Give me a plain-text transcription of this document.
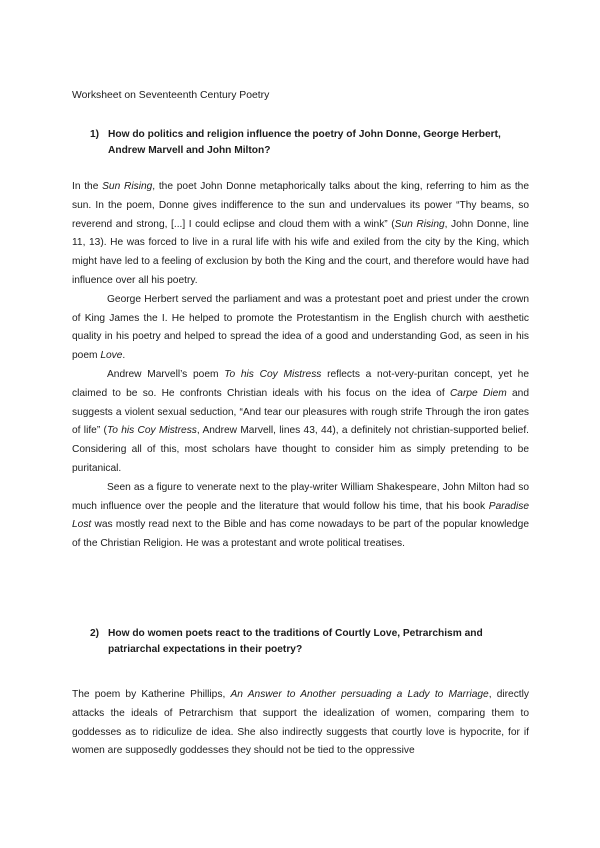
Worksheet on Seventeenth Century Poetry
1) How do politics and religion influence the poetry of John Donne, George Herbert, Andrew Marvell and John Milton?

In the Sun Rising, the poet John Donne metaphorically talks about the king, referring to him as the sun. In the poem, Donne gives indifference to the sun and undervalues its power “Thy beams, so reverend and strong, [...] I could eclipse and cloud them with a wink” (Sun Rising, John Donne, line 11, 13). He was forced to live in a rural life with his wife and exiled from the city by the King, which might have led to a feeling of exclusion by both the King and the court, and therefore would have had influence over all his poetry.

George Herbert served the parliament and was a protestant poet and priest under the crown of King James the I. He helped to promote the Protestantism in the English church with aesthetic quality in his poetry and helped to spread the idea of a good and understanding God, as seen in his poem Love.

Andrew Marvell’s poem To his Coy Mistress reflects a not-very-puritan concept, yet he claimed to be so. He confronts Christian ideals with his focus on the idea of Carpe Diem and suggests a violent sexual seduction, “And tear our pleasures with rough strife Through the iron gates of life” (To his Coy Mistress, Andrew Marvell, lines 43, 44), a definitely not christian-supported belief. Considering all of this, most scholars have thought to consider him as simply pretending to be puritanical.

Seen as a figure to venerate next to the play-writer William Shakespeare, John Milton had so much influence over the people and the literature that would follow his time, that his book Paradise Lost was mostly read next to the Bible and has come nowadays to be part of the popular knowledge of the Christian Religion. He was a protestant and wrote political treatises.

2) How do women poets react to the traditions of Courtly Love, Petrarchism and patriarchal expectations in their poetry?

The poem by Katherine Phillips, An Answer to Another persuading a Lady to Marriage, directly attacks the ideals of Petrarchism that support the idealization of women, comparing them to goddesses as to ridiculize de idea. She also indirectly suggests that courtly love is hypocrite, for if women are supposedly goddesses they should not be tied to the oppressive
